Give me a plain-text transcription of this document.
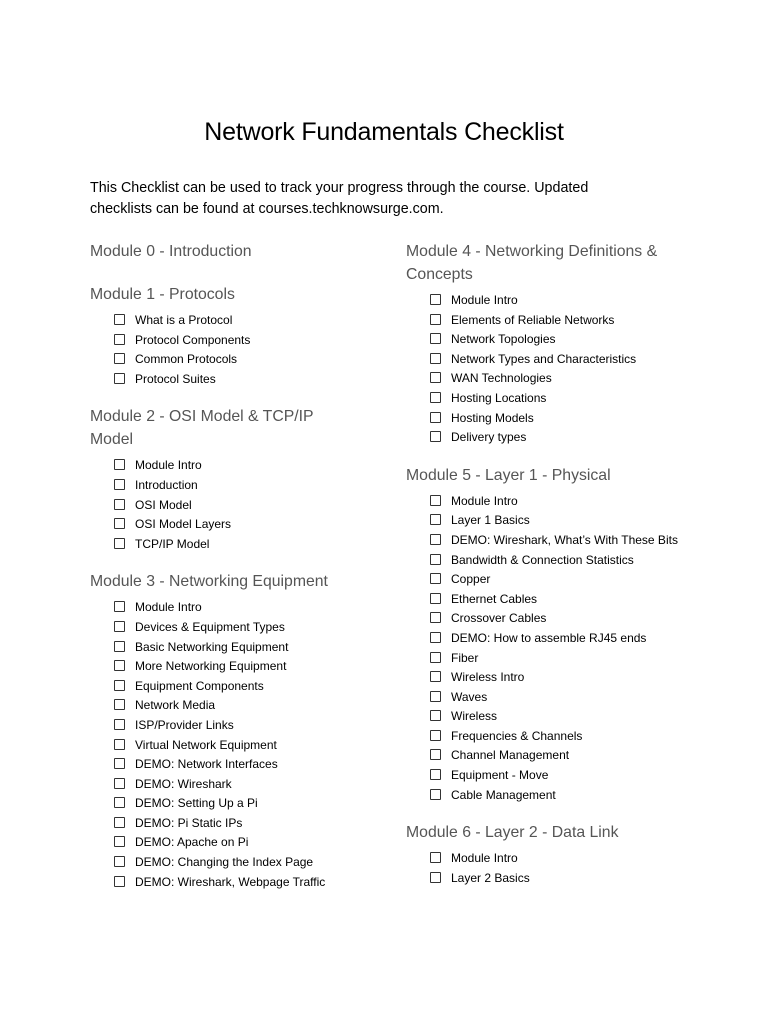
Network Fundamentals Checklist

This Checklist can be used to track your progress through the course. Updated checklists can be found at courses.techknowsurge.com.

Module 0 - Introduction
Module 1 - Protocols
What is a Protocol
Protocol Components
Common Protocols
Protocol Suites
Module 2 - OSI Model & TCP/IP Model
Module Intro
Introduction
OSI Model
OSI Model Layers
TCP/IP Model
Module 3 - Networking Equipment
Module Intro
Devices & Equipment Types
Basic Networking Equipment
More Networking Equipment
Equipment Components
Network Media
ISP/Provider Links
Virtual Network Equipment
DEMO: Network Interfaces
DEMO: Wireshark
DEMO: Setting Up a Pi
DEMO: Pi Static IPs
DEMO: Apache on Pi
DEMO: Changing the Index Page
DEMO: Wireshark, Webpage Traffic
Module 4 - Networking Definitions & Concepts
Module Intro
Elements of Reliable Networks
Network Topologies
Network Types and Characteristics
WAN Technologies
Hosting Locations
Hosting Models
Delivery types
Module 5 - Layer 1 - Physical
Module Intro
Layer 1 Basics
DEMO: Wireshark, What’s With These Bits
Bandwidth & Connection Statistics
Copper
Ethernet Cables
Crossover Cables
DEMO: How to assemble RJ45 ends
Fiber
Wireless Intro
Waves
Wireless
Frequencies & Channels
Channel Management
Equipment - Move
Cable Management
Module 6 - Layer 2 - Data Link
Module Intro
Layer 2 Basics
